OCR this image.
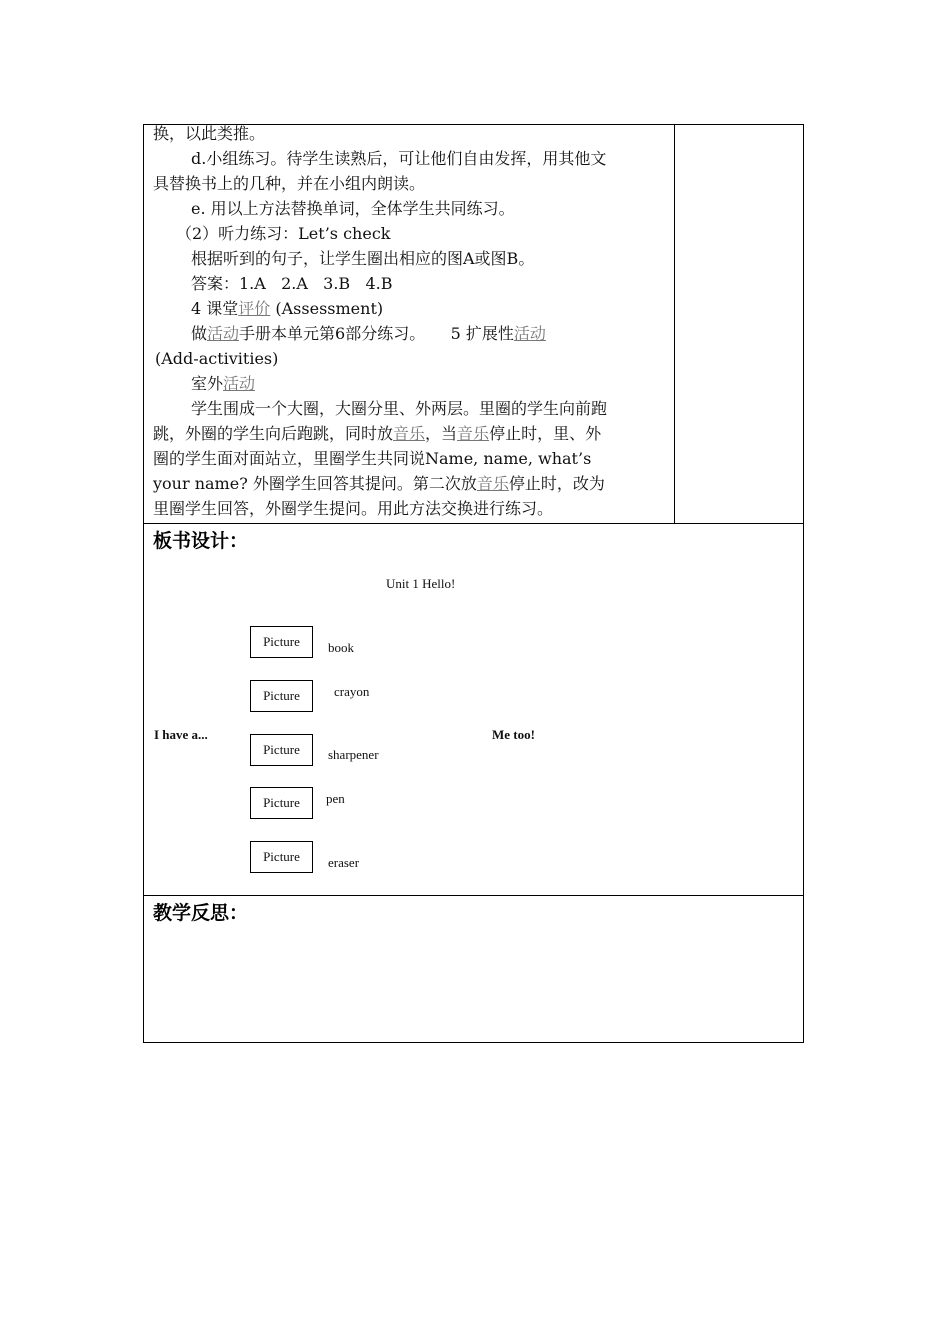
换，以此类推。
d.小组练习。待学生读熟后，可让他们自由发挥，用其他文
具替换书上的几种，并在小组内朗读。
e. 用以上方法替换单词，全体学生共同练习。
（2）听力练习：Let’s check
根据听到的句子，让学生圈出相应的图A或图B。
答案：1.A   2.A   3.B   4.B
4 课堂评价 (Assessment)
做活动手册本单元第6部分练习。     5 扩展性活动
(Add-activities)
室外活动
学生围成一个大圈，大圈分里、外两层。里圈的学生向前跑
跳，外圈的学生向后跑跳，同时放音乐，当音乐停止时，里、外
圈的学生面对面站立，里圈学生共同说Name, name, what’s
your name? 外圈学生回答其提问。第二次放音乐停止时，改为
里圈学生回答，外圈学生提问。用此方法交换进行练习。
板书设计：
Unit 1 Hello!
I have a...	Me too!
Picture	book
Picture	crayon
Picture	sharpener
Picture	pen
Picture	eraser
教学反思：
